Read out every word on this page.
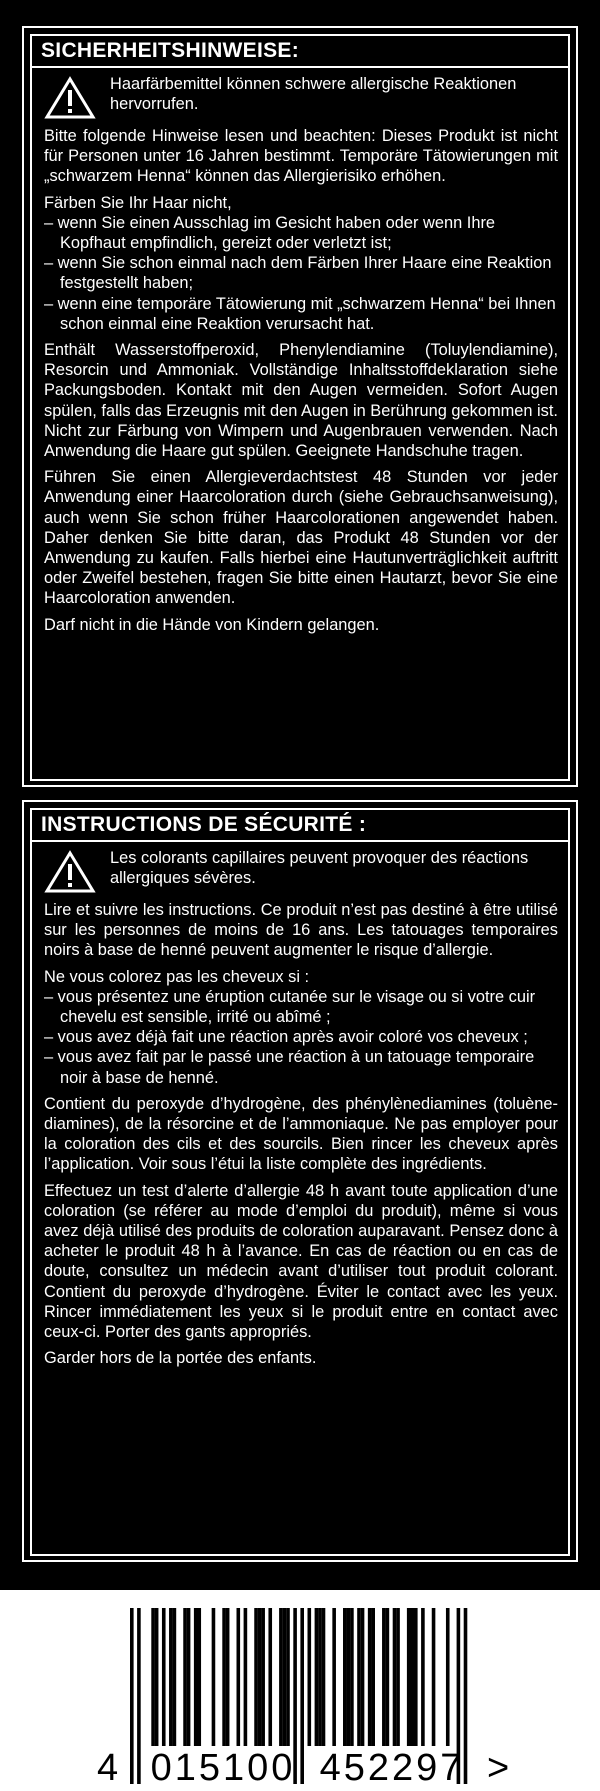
SICHERHEITSHINWEISE:
Haarfärbemittel können schwere allergische Reaktionen hervorrufen.

Bitte folgende Hinweise lesen und beachten: Dieses Produkt ist nicht für Personen unter 16 Jahren bestimmt. Temporäre Tätowierungen mit „schwarzem Henna“ können das Allergierisiko erhöhen.

Färben Sie Ihr Haar nicht,
– wenn Sie einen Ausschlag im Gesicht haben oder wenn Ihre Kopfhaut empfindlich, gereizt oder verletzt ist;
– wenn Sie schon einmal nach dem Färben Ihrer Haare eine Reaktion festgestellt haben;
– wenn eine temporäre Tätowierung mit „schwarzem Henna“ bei Ihnen schon einmal eine Reaktion verursacht hat.

Enthält Wasserstoffperoxid, Phenylendiamine (Toluylendiamine), Resorcin und Ammoniak. Vollständige Inhaltsstoffdeklaration siehe Packungsboden. Kontakt mit den Augen vermeiden. Sofort Augen spülen, falls das Erzeugnis mit den Augen in Berührung gekommen ist. Nicht zur Färbung von Wimpern und Augenbrauen verwenden. Nach Anwendung die Haare gut spülen. Geeignete Handschuhe tragen.

Führen Sie einen Allergieverdachtstest 48 Stunden vor jeder Anwendung einer Haarcoloration durch (siehe Gebrauchsanweisung), auch wenn Sie schon früher Haarcolorationen angewendet haben. Daher denken Sie bitte daran, das Produkt 48 Stunden vor der Anwendung zu kaufen. Falls hierbei eine Hautunverträglichkeit auftritt oder Zweifel bestehen, fragen Sie bitte einen Hautarzt, bevor Sie eine Haarcoloration anwenden.

Darf nicht in die Hände von Kindern gelangen.

INSTRUCTIONS DE SÉCURITÉ :
Les colorants capillaires peuvent provoquer des réactions allergiques sévères.

Lire et suivre les instructions. Ce produit n’est pas destiné à être utilisé sur les personnes de moins de 16 ans. Les tatouages temporaires noirs à base de henné peuvent augmenter le risque d’allergie.

Ne vous colorez pas les cheveux si :
– vous présentez une éruption cutanée sur le visage ou si votre cuir chevelu est sensible, irrité ou abîmé ;
– vous avez déjà fait une réaction après avoir coloré vos cheveux ;
– vous avez fait par le passé une réaction à un tatouage temporaire noir à base de henné.

Contient du peroxyde d’hydrogène, des phénylènediamines (toluène-diamines), de la résorcine et de l’ammoniaque. Ne pas employer pour la coloration des cils et des sourcils. Bien rincer les cheveux après l’application. Voir sous l’étui la liste complète des ingrédients.

Effectuez un test d’alerte d’allergie 48 h avant toute application d’une coloration (se référer au mode d’emploi du produit), même si vous avez déjà utilisé des produits de coloration auparavant. Pensez donc à acheter le produit 48 h à l’avance. En cas de réaction ou en cas de doute, consultez un médecin avant d’utiliser tout produit colorant. Contient du peroxyde d’hydrogène. Éviter le contact avec les yeux. Rincer immédiatement les yeux si le produit entre en contact avec ceux-ci. Porter des gants appropriés.

Garder hors de la portée des enfants.

4 015100 452297 >
